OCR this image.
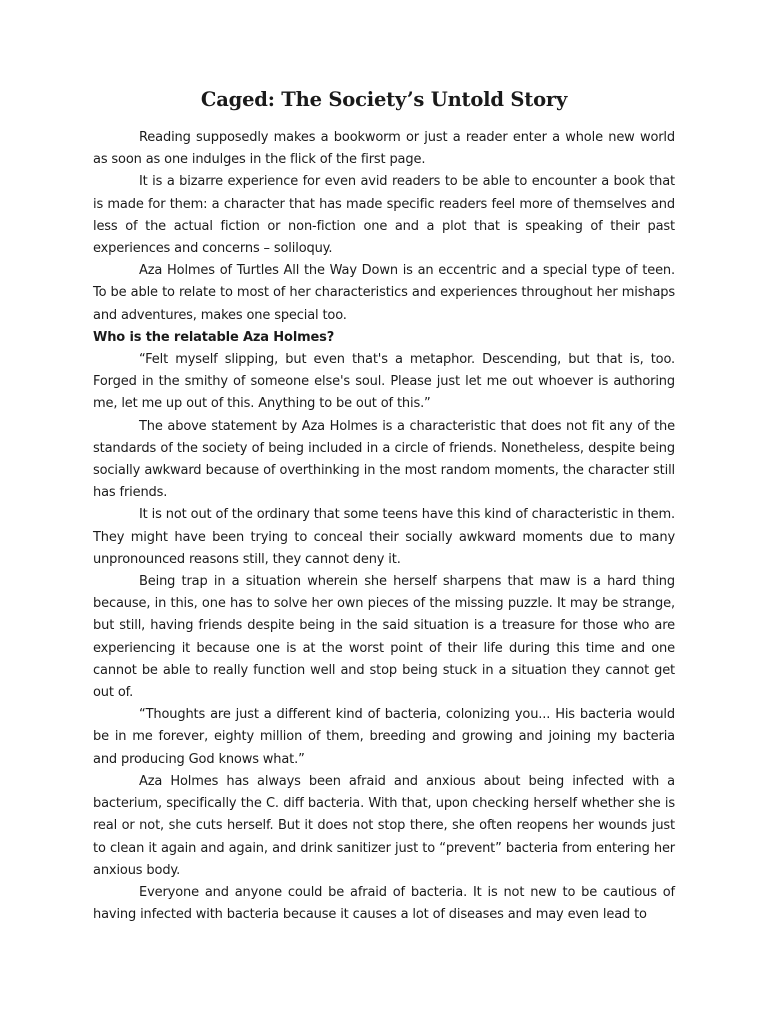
Caged: The Society’s Untold Story

Reading supposedly makes a bookworm or just a reader enter a whole new world as soon as one indulges in the flick of the first page.

It is a bizarre experience for even avid readers to be able to encounter a book that is made for them: a character that has made specific readers feel more of themselves and less of the actual fiction or non-fiction one and a plot that is speaking of their past experiences and concerns – soliloquy.

Aza Holmes of Turtles All the Way Down is an eccentric and a special type of teen. To be able to relate to most of her characteristics and experiences throughout her mishaps and adventures, makes one special too.

Who is the relatable Aza Holmes?

“Felt myself slipping, but even that's a metaphor. Descending, but that is, too. Forged in the smithy of someone else's soul. Please just let me out whoever is authoring me, let me up out of this. Anything to be out of this.”

The above statement by Aza Holmes is a characteristic that does not fit any of the standards of the society of being included in a circle of friends. Nonetheless, despite being socially awkward because of overthinking in the most random moments, the character still has friends.

It is not out of the ordinary that some teens have this kind of characteristic in them. They might have been trying to conceal their socially awkward moments due to many unpronounced reasons still, they cannot deny it.

Being trap in a situation wherein she herself sharpens that maw is a hard thing because, in this, one has to solve her own pieces of the missing puzzle. It may be strange, but still, having friends despite being in the said situation is a treasure for those who are experiencing it because one is at the worst point of their life during this time and one cannot be able to really function well and stop being stuck in a situation they cannot get out of.

“Thoughts are just a different kind of bacteria, colonizing you... His bacteria would be in me forever, eighty million of them, breeding and growing and joining my bacteria and producing God knows what.”

Aza Holmes has always been afraid and anxious about being infected with a bacterium, specifically the C. diff bacteria. With that, upon checking herself whether she is real or not, she cuts herself. But it does not stop there, she often reopens her wounds just to clean it again and again, and drink sanitizer just to “prevent” bacteria from entering her anxious body.

Everyone and anyone could be afraid of bacteria. It is not new to be cautious of having infected with bacteria because it causes a lot of diseases and may even lead to
